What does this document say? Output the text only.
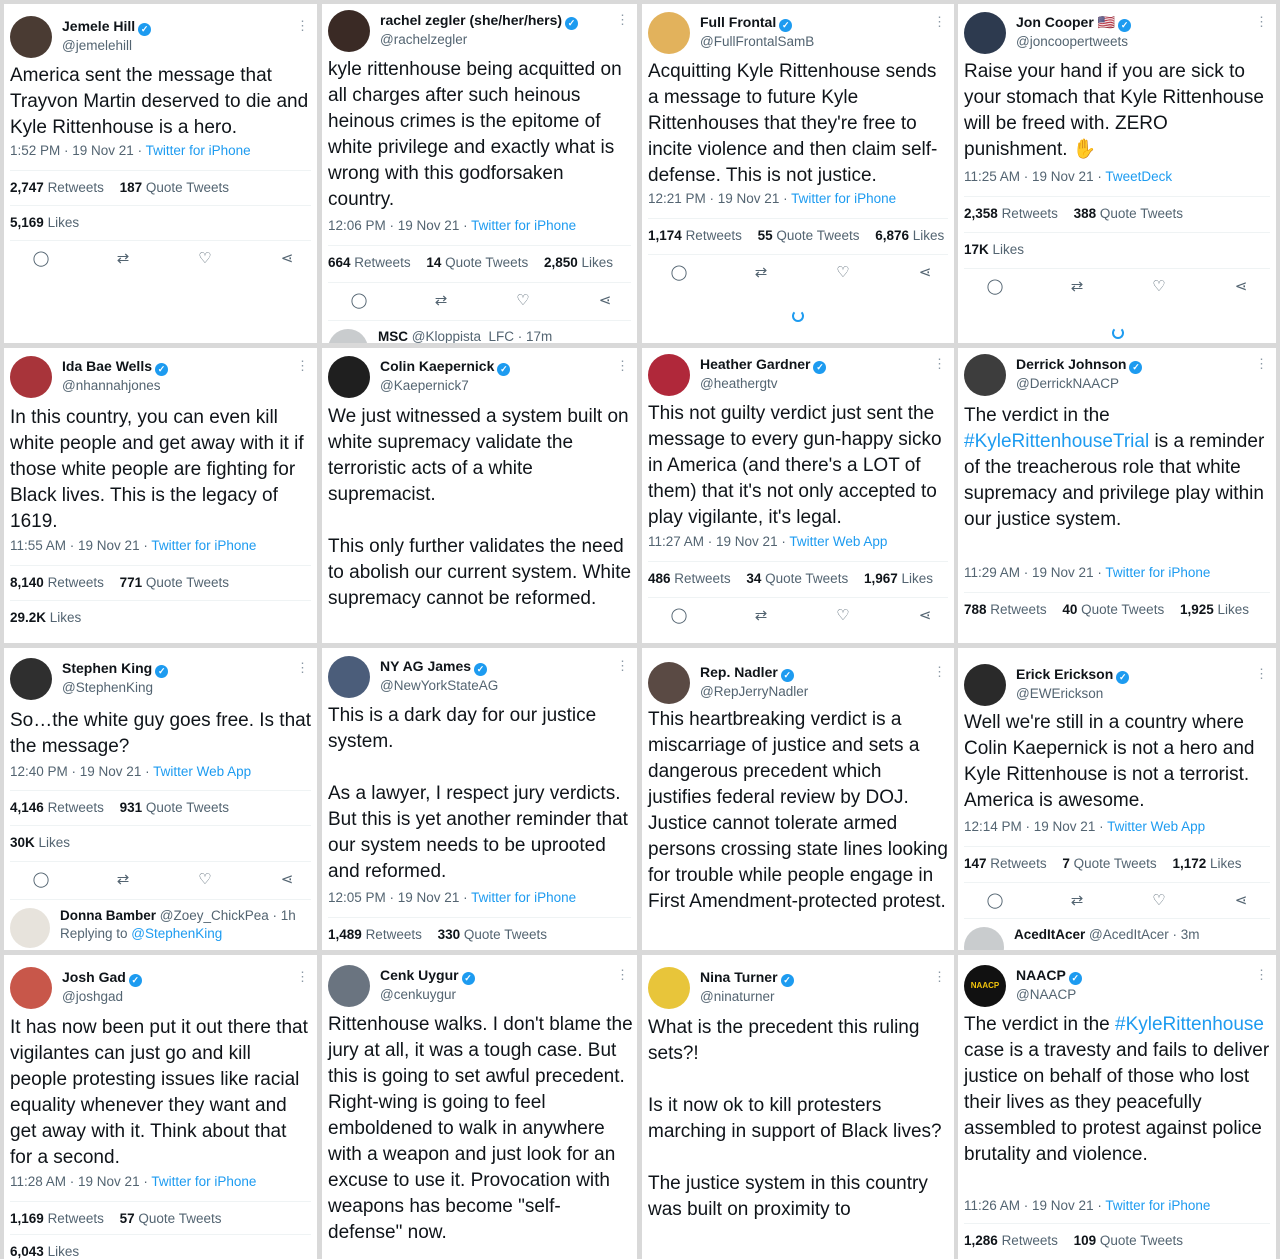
Jemele Hill ✓
@jemelehill
⋮
America sent the message that Trayvon Martin deserved to die and Kyle Rittenhouse is a hero.
1:52 PM · 19 Nov 21 · Twitter for iPhone
2,747 Retweets 187 Quote Tweets
5,169 Likes
◯	⇄	♡	⋖
rachel zegler (she/her/hers) ✓
@rachelzegler
⋮
kyle rittenhouse being acquitted on all charges after such heinous heinous crimes is the epitome of white privilege and exactly what is wrong with this godforsaken country.
12:06 PM · 19 Nov 21 · Twitter for iPhone
664 Retweets 14 Quote Tweets 2,850 Likes
◯	⇄	♡	⋖
MSC @Kloppista_LFC · 17m
Full Frontal ✓
@FullFrontalSamB
⋮
Acquitting Kyle Rittenhouse sends a message to future Kyle Rittenhouses that they're free to incite violence and then claim self-defense. This is not justice.
12:21 PM · 19 Nov 21 · Twitter for iPhone
1,174 Retweets 55 Quote Tweets 6,876 Likes
◯	⇄	♡	⋖
Jon Cooper 🇺🇸 ✓
@joncoopertweets
⋮
Raise your hand if you are sick to your stomach that Kyle Rittenhouse will be freed with. ZERO punishment. ✋
11:25 AM · 19 Nov 21 · TweetDeck
2,358 Retweets 388 Quote Tweets
17K Likes
◯	⇄	♡	⋖
Ida Bae Wells ✓
@nhannahjones
⋮
In this country, you can even kill white people and get away with it if those white people are fighting for Black lives. This is the legacy of 1619.
11:55 AM · 19 Nov 21 · Twitter for iPhone
8,140 Retweets 771 Quote Tweets
29.2K Likes
Colin Kaepernick ✓
@Kaepernick7
⋮
We just witnessed a system built on white supremacy validate the terroristic acts of a white supremacist.

This only further validates the need to abolish our current system. White supremacy cannot be reformed.
Heather Gardner ✓
@heathergtv
⋮
This not guilty verdict just sent the message to every gun-happy sicko in America (and there's a LOT of them) that it's not only accepted to play vigilante, it's legal.
11:27 AM · 19 Nov 21 · Twitter Web App
486 Retweets 34 Quote Tweets 1,967 Likes
◯	⇄	♡	⋖
Derrick Johnson ✓
@DerrickNAACP
⋮
The verdict in the #KyleRittenhouseTrial is a reminder of the treacherous role that white supremacy and privilege play within our justice system.
11:29 AM · 19 Nov 21 · Twitter for iPhone
788 Retweets 40 Quote Tweets 1,925 Likes
Stephen King ✓
@StephenKing
⋮
So…the white guy goes free. Is that the message?
12:40 PM · 19 Nov 21 · Twitter Web App
4,146 Retweets 931 Quote Tweets
30K Likes
◯	⇄	♡	⋖
Donna Bamber @Zoey_ChickPea · 1h
Replying to @StephenKing
NY AG James ✓
@NewYorkStateAG
⋮
This is a dark day for our justice system.

As a lawyer, I respect jury verdicts. But this is yet another reminder that our system needs to be uprooted and reformed.
12:05 PM · 19 Nov 21 · Twitter for iPhone
1,489 Retweets 330 Quote Tweets
Rep. Nadler ✓
@RepJerryNadler
⋮
This heartbreaking verdict is a miscarriage of justice and sets a dangerous precedent which justifies federal review by DOJ. Justice cannot tolerate armed persons crossing state lines looking for trouble while people engage in First Amendment-protected protest.
Erick Erickson ✓
@EWErickson
⋮
Well we're still in a country where Colin Kaepernick is not a hero and Kyle Rittenhouse is not a terrorist. America is awesome.
12:14 PM · 19 Nov 21 · Twitter Web App
147 Retweets 7 Quote Tweets 1,172 Likes
◯	⇄	♡	⋖
AcedItAcer @AcedItAcer · 3m
Josh Gad ✓
@joshgad
⋮
It has now been put it out there that vigilantes can just go and kill people protesting issues like racial equality whenever they want and get away with it. Think about that for a second.
11:28 AM · 19 Nov 21 · Twitter for iPhone
1,169 Retweets 57 Quote Tweets
6,043 Likes
Cenk Uygur ✓
@cenkuygur
⋮
Rittenhouse walks. I don't blame the jury at all, it was a tough case. But this is going to set awful precedent. Right-wing is going to feel emboldened to walk in anywhere with a weapon and just look for an excuse to use it. Provocation with weapons has become "self-defense" now.
Nina Turner ✓
@ninaturner
⋮
What is the precedent this ruling sets?!

Is it now ok to kill protesters marching in support of Black lives?

The justice system in this country was built on proximity to
NAACP
NAACP ✓
@NAACP
⋮
The verdict in the #KyleRittenhouse case is a travesty and fails to deliver justice on behalf of those who lost their lives as they peacefully assembled to protest against police brutality and violence.
11:26 AM · 19 Nov 21 · Twitter for iPhone
1,286 Retweets 109 Quote Tweets
